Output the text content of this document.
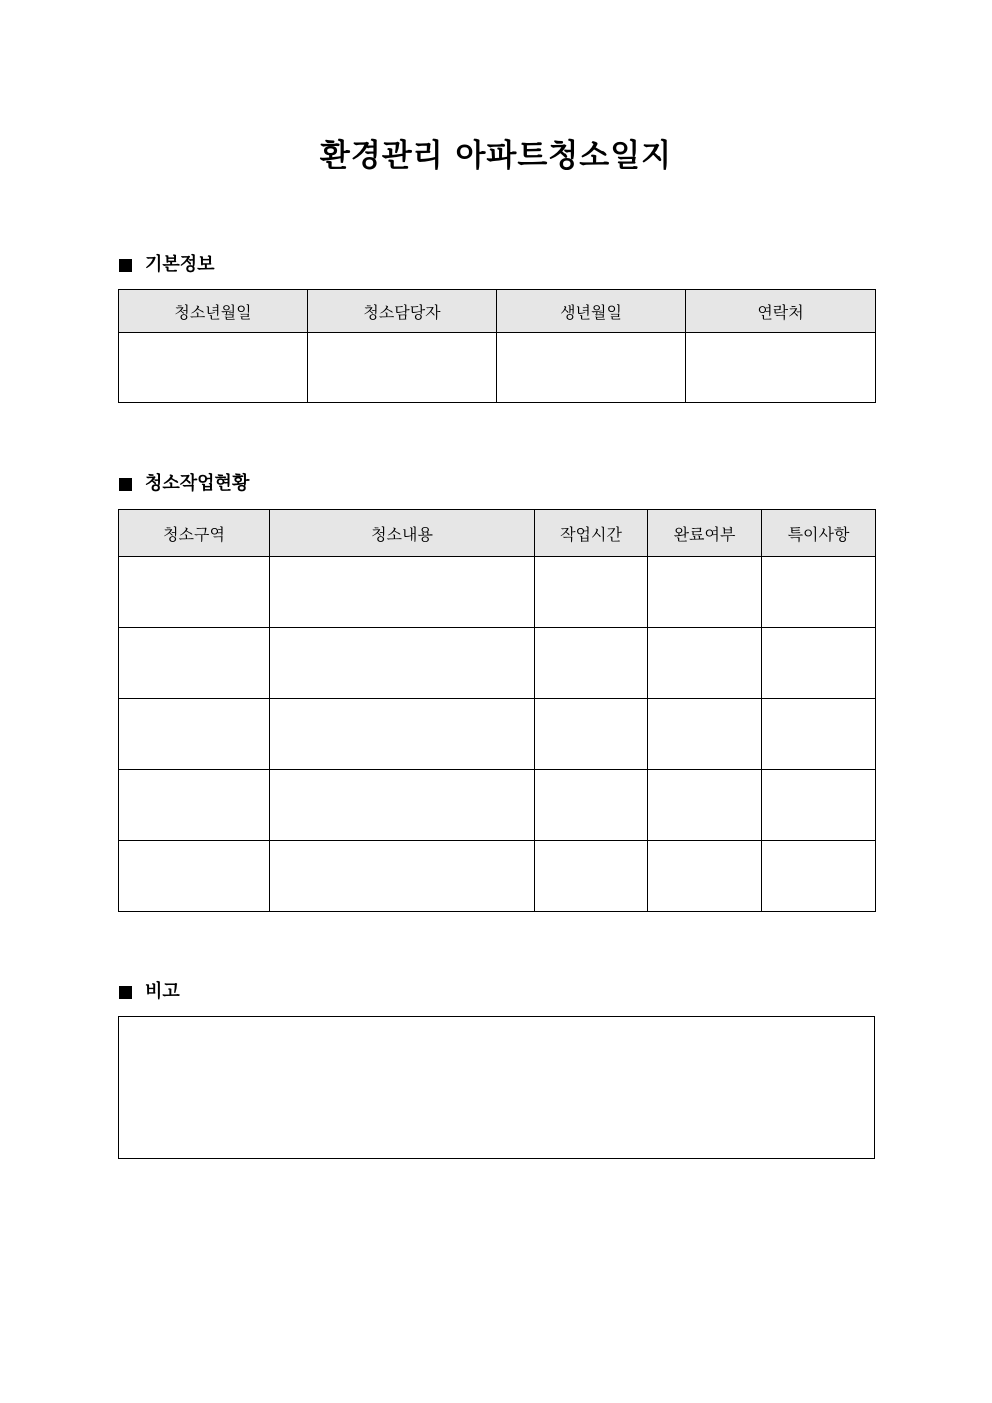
환경관리 아파트청소일지
기본정보
청소년월일	청소담당자	생년월일	연락처

청소작업현황
청소구역	청소내용	작업시간	완료여부	특이사항

비고
